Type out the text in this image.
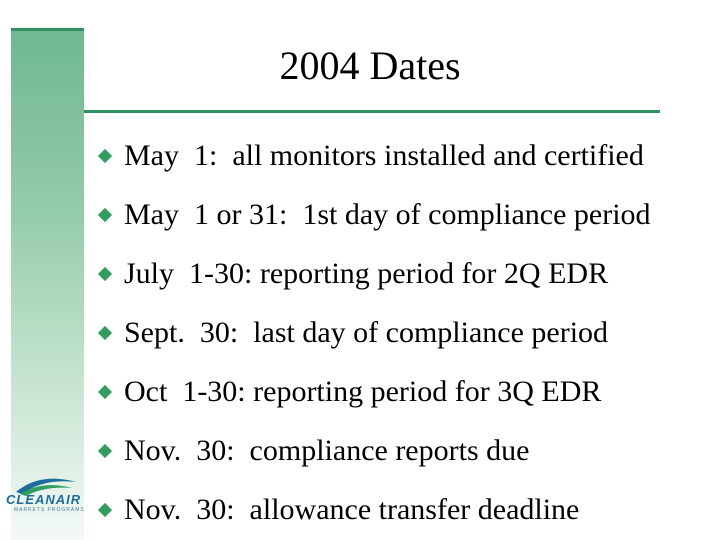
2004 Dates
May  1:  all monitors installed and certified
May  1 or 31:  1st day of compliance period
July  1-30: reporting period for 2Q EDR
Sept.  30:  last day of compliance period
Oct  1-30: reporting period for 3Q EDR
Nov.  30:  compliance reports due
Nov.  30:  allowance transfer deadline
CLEANAIR
MARKETS PROGRAMS
